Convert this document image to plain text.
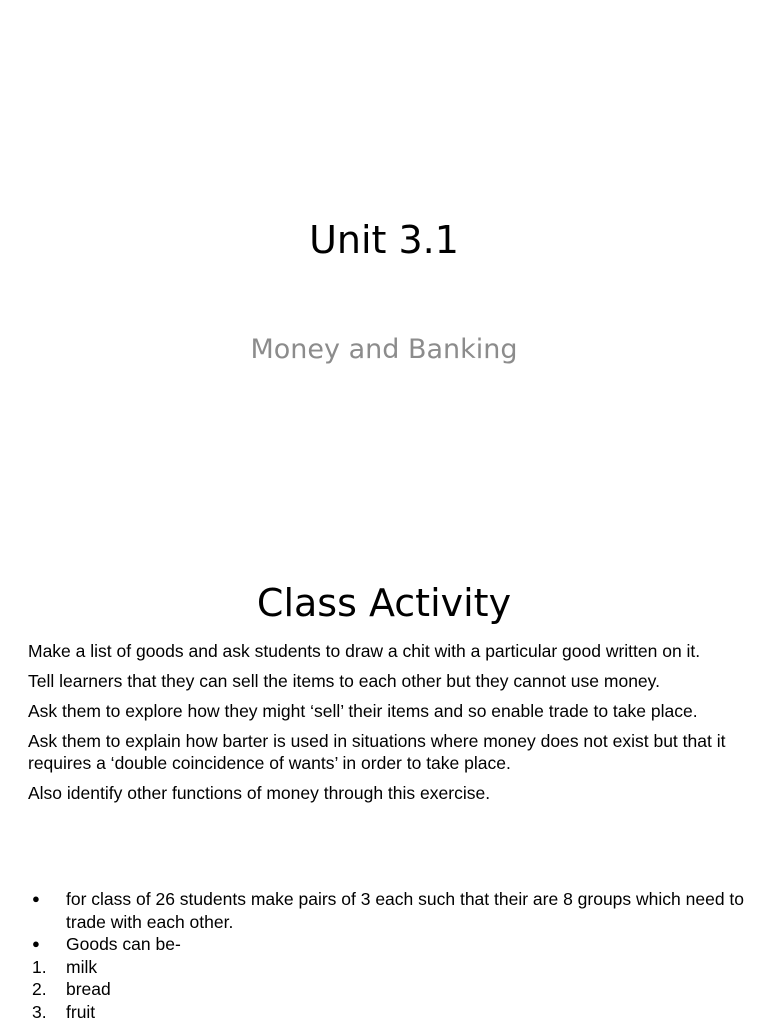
Unit 3.1
Money and Banking
Class Activity

Make a list of goods and ask students to draw a chit with a particular good written on it.

Tell learners that they can sell the items to each other but they cannot use money.

Ask them to explore how they might ‘sell’ their items and so enable trade to take place.

Ask them to explain how barter is used in situations where money does not exist but that it requires a ‘double coincidence of wants’ in order to take place.

Also identify other functions of money through this exercise.

●	for class of 26 students make pairs of 3 each such that their are 8 groups which need to trade with each other.
●	Goods can be-
1.	milk
2.	bread
3.	fruit
